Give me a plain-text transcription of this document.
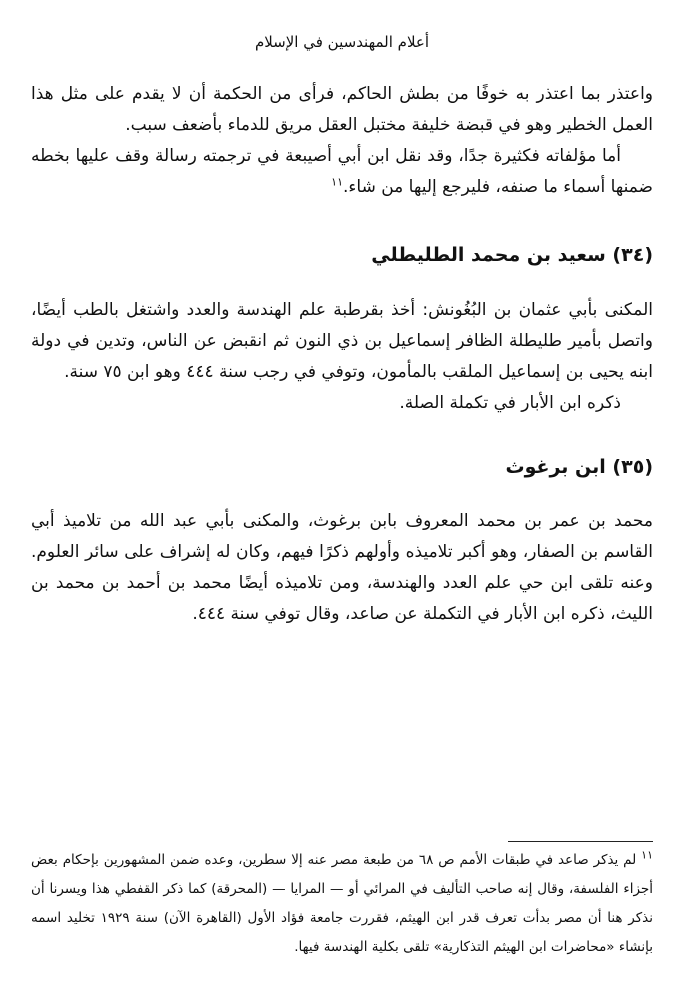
أعلام المهندسين في الإسلام

واعتذر بما اعتذر به خوفًا من بطش الحاكم، فرأى من الحكمة أن لا يقدم على مثل هذا العمل الخطير وهو في قبضة خليفة مختبل العقل مريق للدماء بأضعف سبب.

أما مؤلفاته فكثيرة جدًا، وقد نقل ابن أبي أصيبعة في ترجمته رسالة وقف عليها بخطه ضمنها أسماء ما صنفه، فليرجع إليها من شاء.$^{١١}$

(٣٤) سعيد بن محمد الطليطلي

المكنى بأبي عثمان بن البُغُونش: أخذ بقرطبة علم الهندسة والعدد واشتغل بالطب أيضًا، واتصل بأمير طليطلة الظافر إسماعيل بن ذي النون ثم انقبض عن الناس، وتدين في دولة ابنه يحيى بن إسماعيل الملقب بالمأمون، وتوفي في رجب سنة ٤٤٤ وهو ابن ٧٥ سنة.

ذكره ابن الأبار في تكملة الصلة.

(٣٥) ابن برغوث

محمد بن عمر بن محمد المعروف بابن برغوث، والمكنى بأبي عبد الله من تلاميذ أبي القاسم بن الصفار، وهو أكبر تلاميذه وأولهم ذكرًا فيهم، وكان له إشراف على سائر العلوم. وعنه تلقى ابن حي علم العدد والهندسة، ومن تلاميذه أيضًا محمد بن أحمد بن محمد بن الليث، ذكره ابن الأبار في التكملة عن صاعد، وقال توفي سنة ٤٤٤.

$^{١١}$ لم يذكر صاعد في طبقات الأمم ص ٦٨ من طبعة مصر عنه إلا سطرين، وعده ضمن المشهورين بإحكام بعض أجزاء الفلسفة، وقال إنه صاحب التأليف في المرائي أو — المرايا — (المحرقة) كما ذكر القفطي هذا ويسرنا أن نذكر هنا أن مصر بدأت تعرف قدر ابن الهيثم، فقررت جامعة فؤاد الأول (القاهرة الآن) سنة ١٩٢٩ تخليد اسمه بإنشاء «محاضرات ابن الهيثم التذكارية» تلقى بكلية الهندسة فيها.
